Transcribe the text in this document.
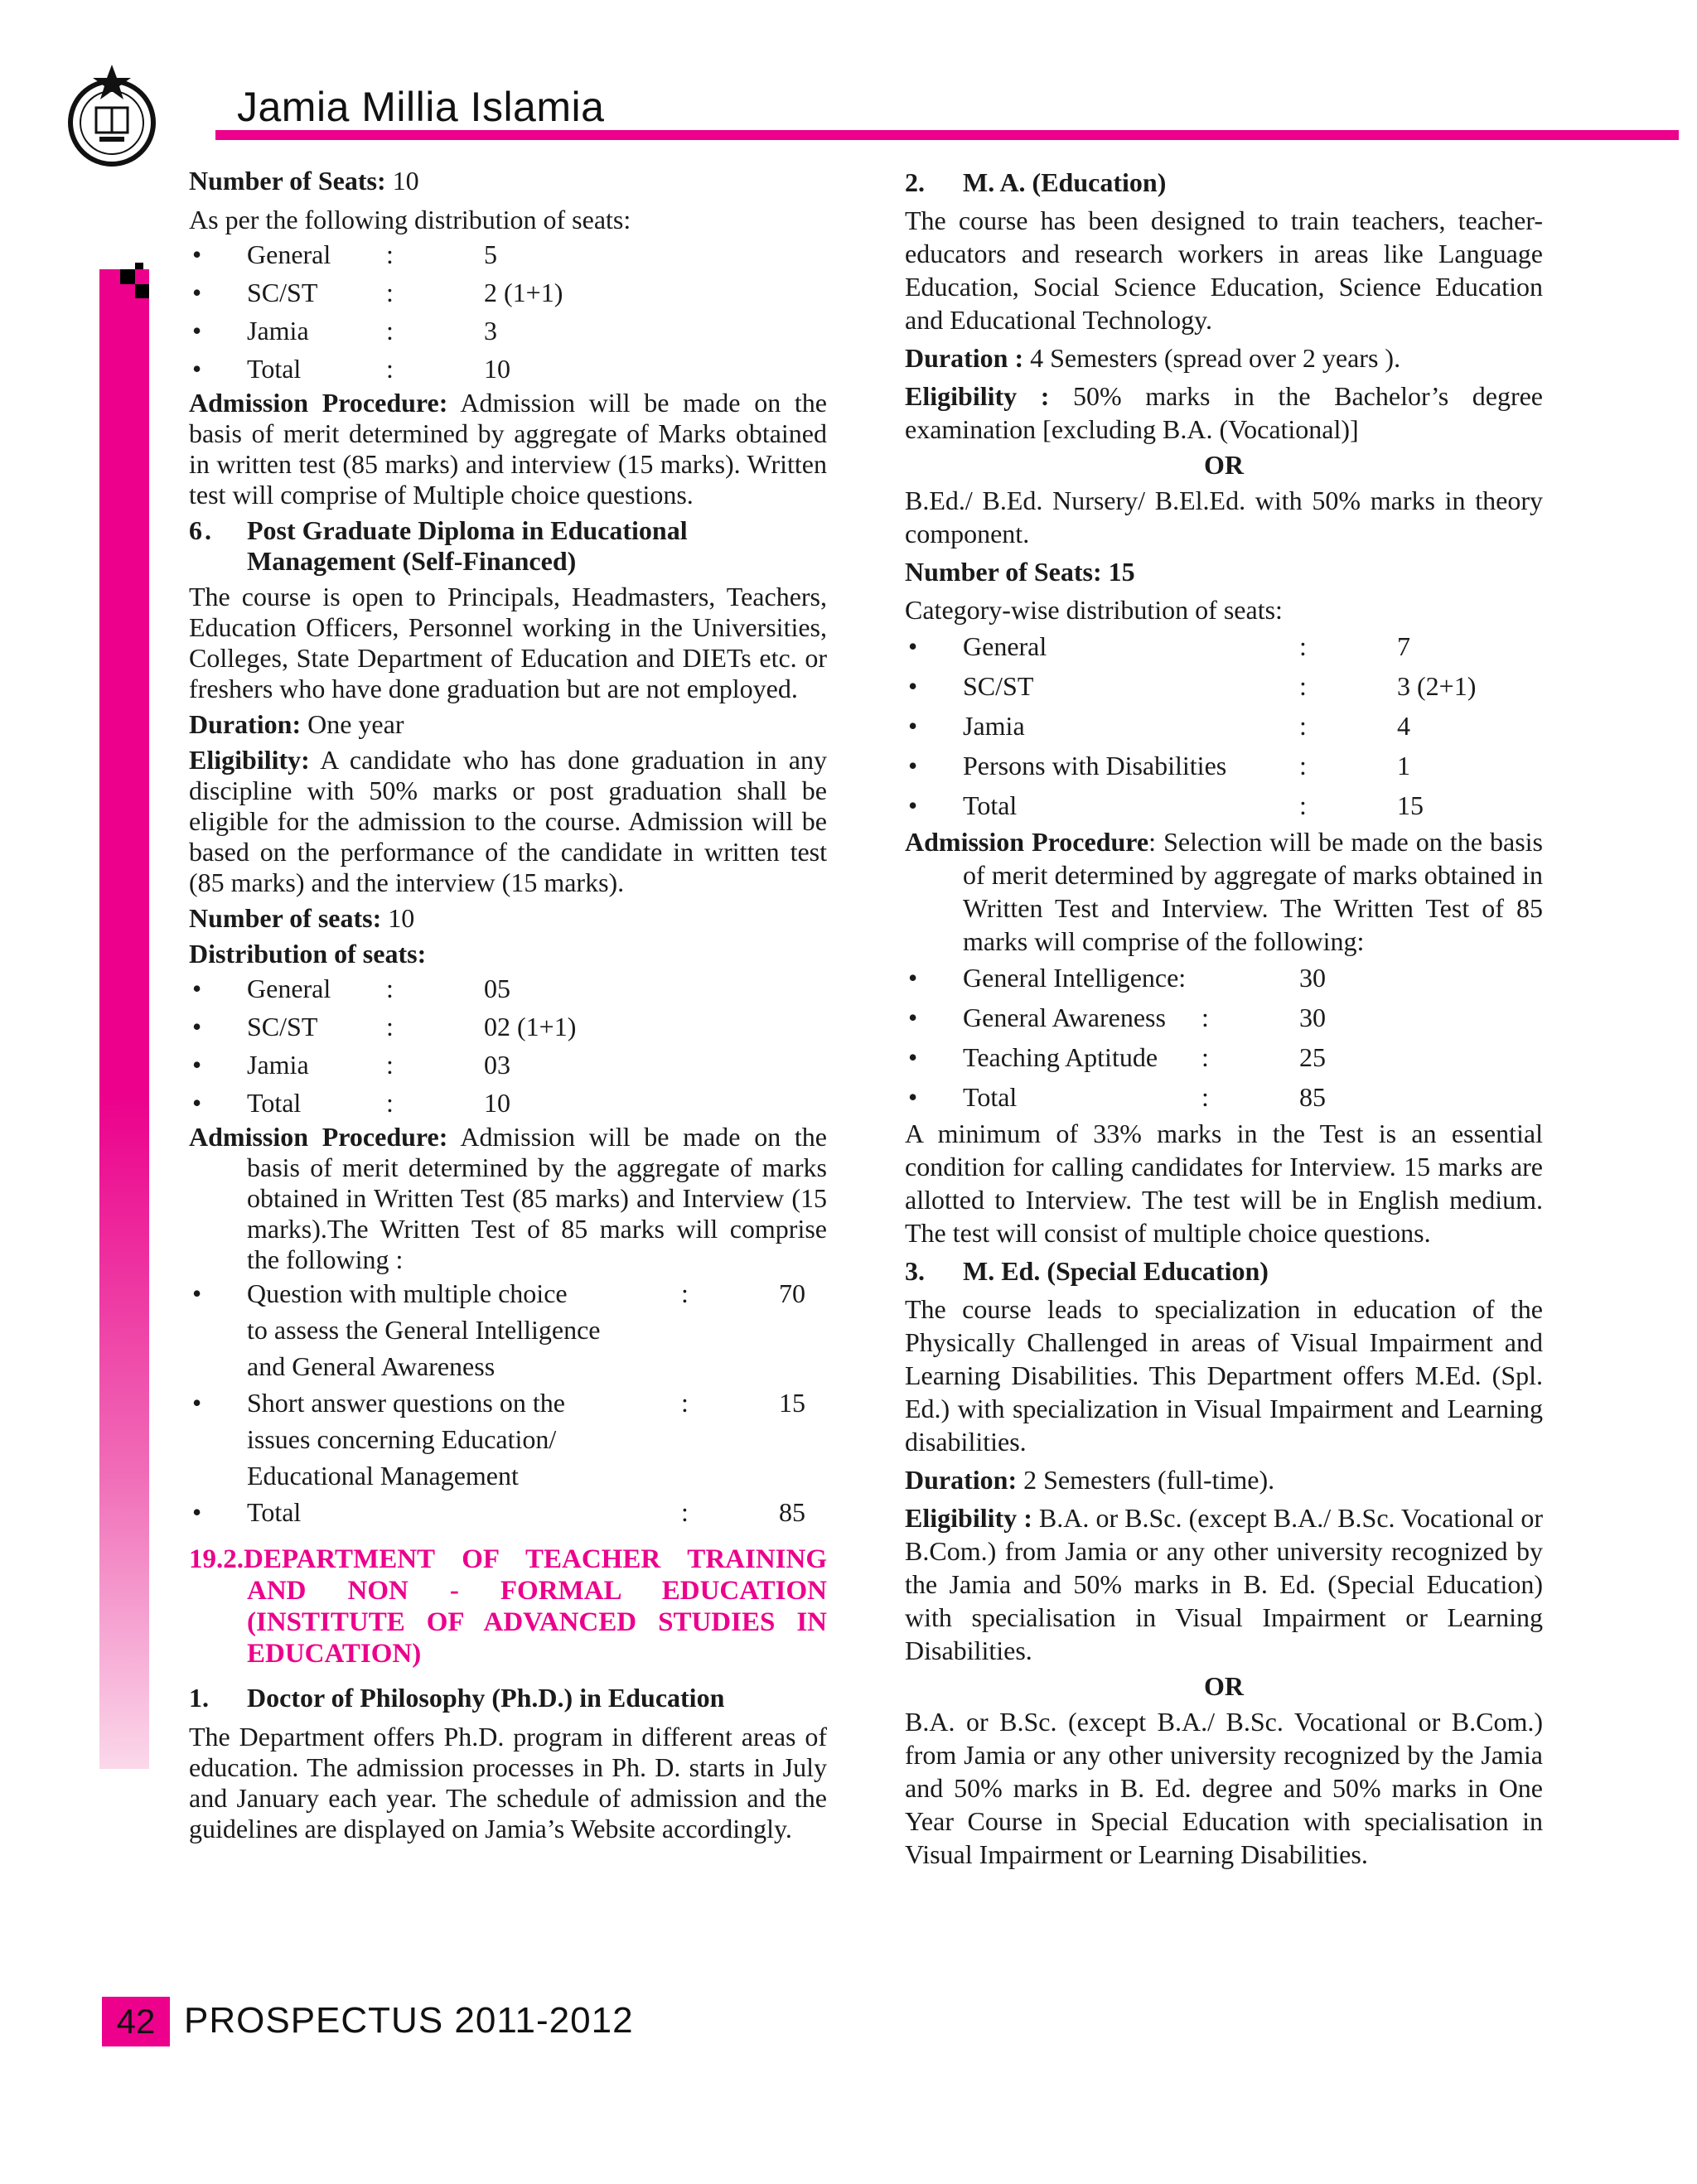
Jamia Millia Islamia

Number of Seats: 10

As per the following distribution of seats:

• General :	5
• SC/ST	:	2 (1+1)
• Jamia	:	3
• Total	:	10

Admission Procedure: Admission will be made on the basis of merit determined by aggregate of Marks obtained in written test (85 marks) and interview (15 marks). Written test will comprise of Multiple choice questions.

6. Post Graduate Diploma in Educational Management (Self-Financed)

The course is open to Principals, Headmasters, Teachers, Education Officers, Personnel working in the Universities, Colleges, State Department of Education and DIETs etc. or freshers who have done graduation but are not employed.

Duration: One year

Eligibility: A candidate who has done graduation in any discipline with 50% marks or post graduation shall be eligible for the admission to the course. Admission will be based on the performance of the candidate in written test (85 marks) and the interview (15 marks).

Number of seats: 10

Distribution of seats:

• General :	05
• SC/ST	:	02 (1+1)
• Jamia	:	03
• Total	:	10

Admission Procedure: Admission will be made on the basis of merit determined by the aggregate of marks obtained in Written Test (85 marks) and Interview (15 marks).The Written Test of 85 marks will comprise the following :

• Question with multiple choice
to assess the General Intelligence
and General Awareness
:	70
• Short answer questions on the
issues concerning Education/
Educational Management
:	15
• Total	:	85

19.2.DEPARTMENT OF TEACHER TRAINING AND NON - FORMAL EDUCATION (INSTITUTE OF ADVANCED STUDIES IN EDUCATION)

1. Doctor of Philosophy (Ph.D.) in Education

The Department offers Ph.D. program in different areas of education. The admission processes in Ph. D. starts in July and January each year. The schedule of admission and the guidelines are displayed on Jamia’s Website accordingly.

2. M. A. (Education)

The course has been designed to train teachers, teacher-educators and research workers in areas like Language Education, Social Science Education, Science Education and Educational Technology.

Duration : 4 Semesters (spread over 2 years ).

Eligibility : 50% marks in the Bachelor’s degree examination [excluding B.A. (Vocational)]

OR

B.Ed./ B.Ed. Nursery/ B.El.Ed. with 50% marks in theory component.

Number of Seats: 15

Category-wise distribution of seats:

• General	:	7
• SC/ST	:	3 (2+1)
• Jamia	:	4
• Persons with Disabilities	:	1
• Total	:	15

Admission Procedure: Selection will be made on the basis of merit determined by aggregate of marks obtained in Written Test and Interview. The Written Test of 85 marks will comprise of the following:

• General Intelligence:	30
• General Awareness :	30
• Teaching Aptitude :	25
• Total	:	85

A minimum of 33% marks in the Test is an essential condition for calling candidates for Interview. 15 marks are allotted to Interview. The test will be in English medium. The test will consist of multiple choice questions.

3. M. Ed. (Special Education)

The course leads to specialization in education of the Physically Challenged in areas of Visual Impairment and Learning Disabilities. This Department offers M.Ed. (Spl. Ed.) with specialization in Visual Impairment and Learning disabilities.

Duration: 2 Semesters (full-time).

Eligibility : B.A. or B.Sc. (except B.A./ B.Sc. Vocational or B.Com.) from Jamia or any other university recognized by the Jamia and 50% marks in B. Ed. (Special Education) with specialisation in Visual Impairment or Learning Disabilities.

OR

B.A. or B.Sc. (except B.A./ B.Sc. Vocational or B.Com.) from Jamia or any other university recognized by the Jamia and 50% marks in B. Ed. degree and 50% marks in One Year Course in Special Education with specialisation in Visual Impairment or Learning Disabilities.

42 PROSPECTUS 2011-2012
